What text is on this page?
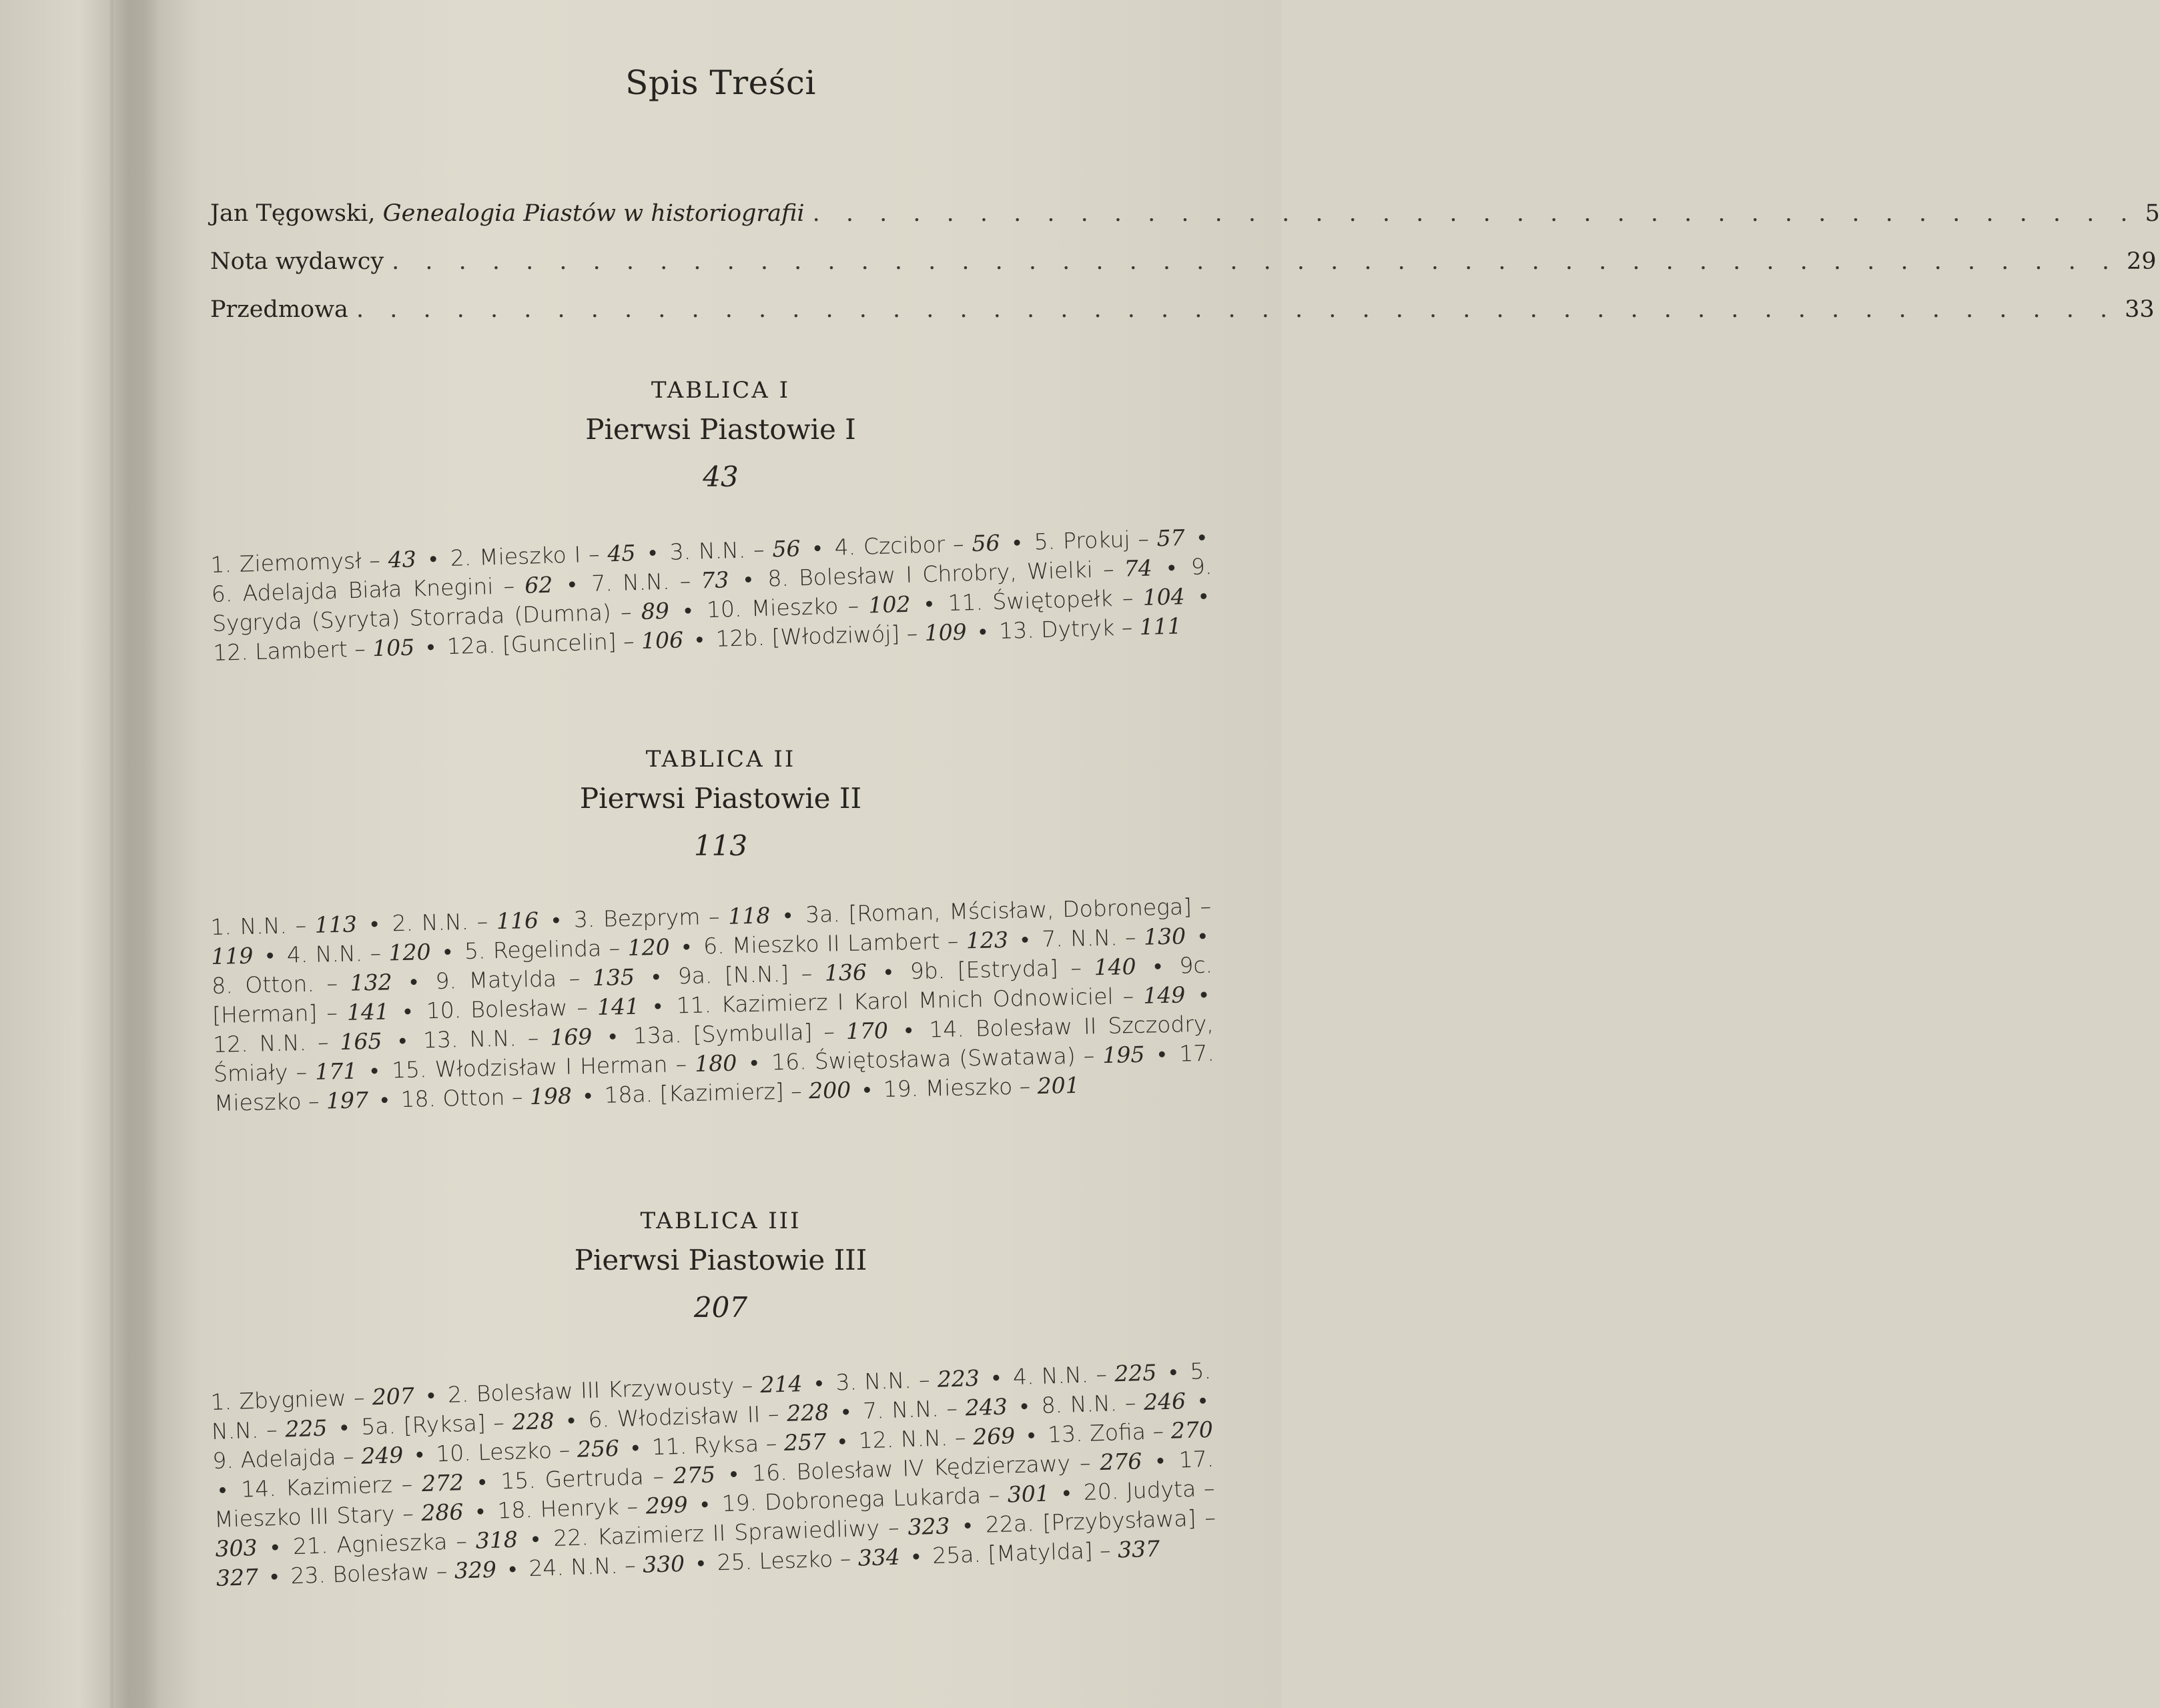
Spis Treści
Jan Tęgowski, Genealogia Piastów w historiografii . . . . . . . . . . . . . . . . . . . . . . . . . . . . . . . . . . . . . . . . 5
Nota wydawcy . . . . . . . . . . . . . . . . . . . . . . . . . . . . . . . . . . . . . . . . . . . . . . . . . . . . 29
Przedmowa . . . . . . . . . . . . . . . . . . . . . . . . . . . . . . . . . . . . . . . . . . . . . . . . . . . . . 33
TABLICA I
Pierwsi Piastowie I
43
1. Ziemomysł – 43 • 2. Mieszko I – 45 • 3. N.N. – 56 • 4. Czcibor – 56 • 5. Prokuj – 57 • 6. Adelajda Biała Knegini – 62 • 7. N.N. – 73 • 8. Bolesław I Chrobry, Wielki – 74 • 9. Sygryda (Syryta) Storrada (Dumna) – 89 • 10. Mieszko – 102 • 11. Świętopełk – 104 • 12. Lambert – 105 • 12a. [Guncelin] – 106 • 12b. [Włodziwój] – 109 • 13. Dytryk – 111
TABLICA II
Pierwsi Piastowie II
113
1. N.N. – 113 • 2. N.N. – 116 • 3. Bezprym – 118 • 3a. [Roman, Mścisław, Dobronega] – 119 • 4. N.N. – 120 • 5. Regelinda – 120 • 6. Mieszko II Lambert – 123 • 7. N.N. – 130 • 8. Otton. – 132 • 9. Matylda – 135 • 9a. [N.N.] – 136 • 9b. [Estryda] – 140 • 9c. [Herman] – 141 • 10. Bolesław – 141 • 11. Kazimierz I Karol Mnich Odnowiciel – 149 • 12. N.N. – 165 • 13. N.N. – 169 • 13a. [Symbulla] – 170 • 14. Bolesław II Szczodry, Śmiały – 171 • 15. Włodzisław I Herman – 180 • 16. Świętosława (Swatawa) – 195 • 17. Mieszko – 197 • 18. Otton – 198 • 18a. [Kazimierz] – 200 • 19. Mieszko – 201
TABLICA III
Pierwsi Piastowie III
207
1. Zbygniew – 207 • 2. Bolesław III Krzywousty – 214 • 3. N.N. – 223 • 4. N.N. – 225 • 5. N.N. – 225 • 5a. [Ryksa] – 228 • 6. Włodzisław II – 228 • 7. N.N. – 243 • 8. N.N. – 246 • 9. Adelajda – 249 • 10. Leszko – 256 • 11. Ryksa – 257 • 12. N.N. – 269 • 13. Zofia – 270 • 14. Kazimierz – 272 • 15. Gertruda – 275 • 16. Bolesław IV Kędzierzawy – 276 • 17. Mieszko III Stary – 286 • 18. Henryk – 299 • 19. Dobronega Lukarda – 301 • 20. Judyta – 303 • 21. Agnieszka – 318 • 22. Kazimierz II Sprawiedliwy – 323 • 22a. [Przybysława] – 327 • 23. Bolesław – 329 • 24. N.N. – 330 • 25. Leszko – 334 • 25a. [Matylda] – 337
